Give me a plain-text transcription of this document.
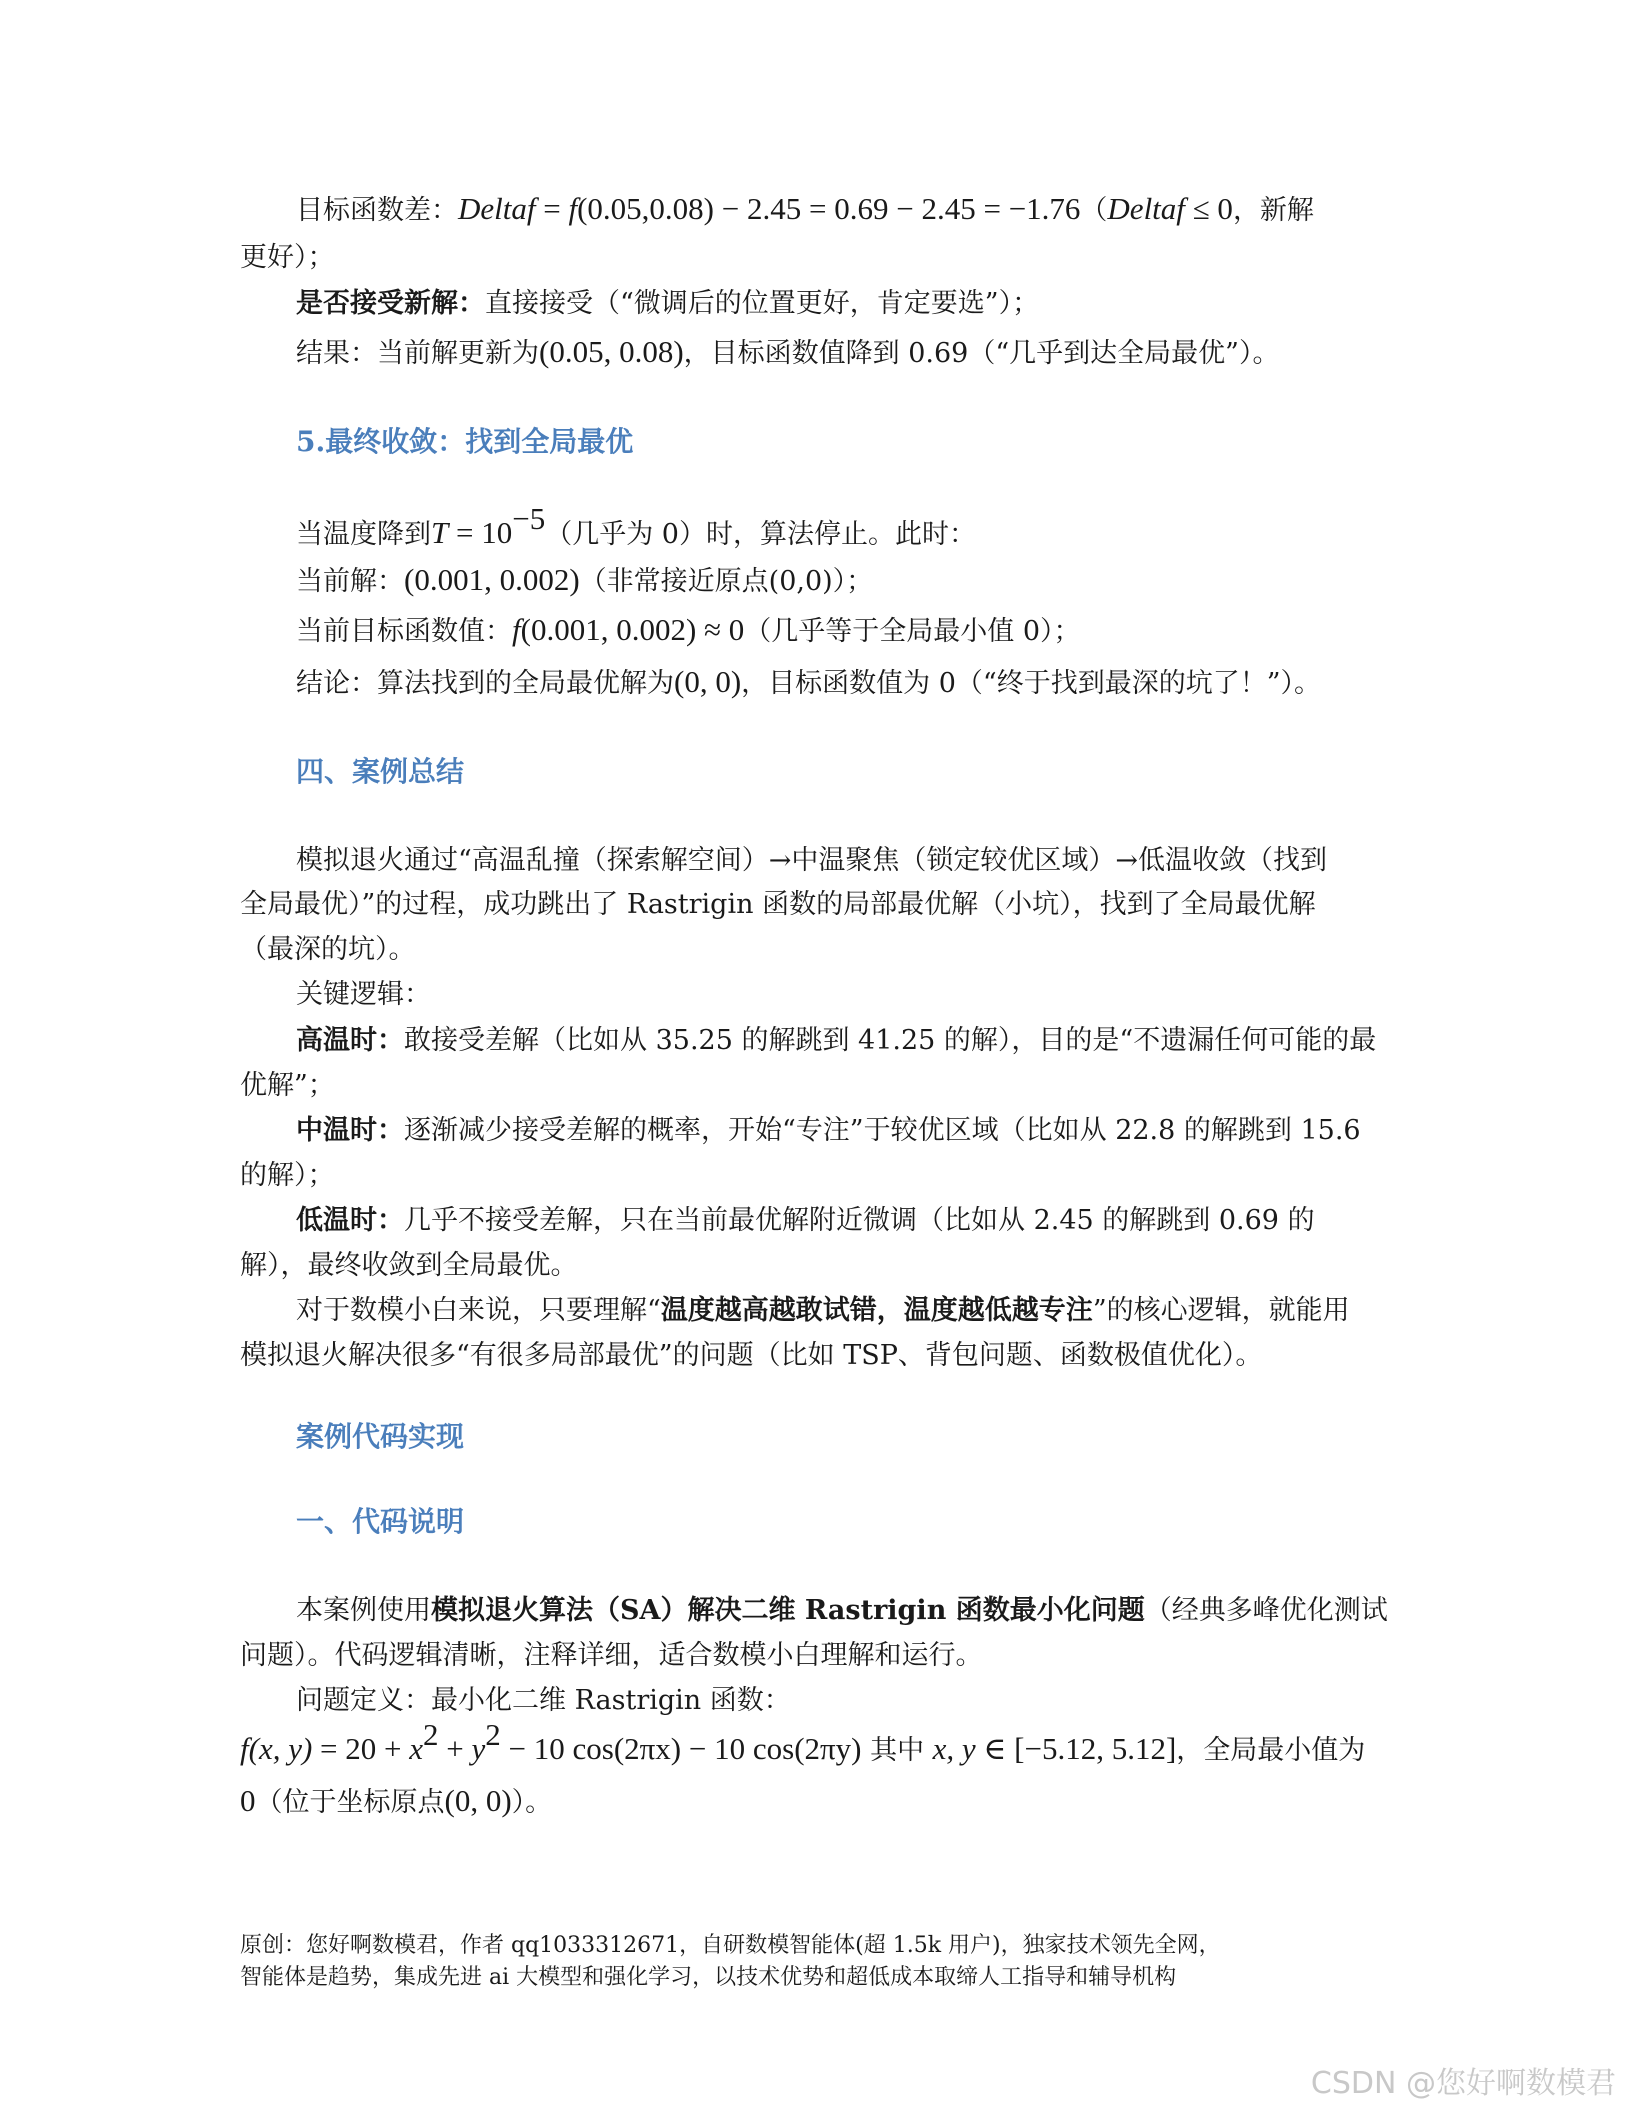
目标函数差：Deltaf = f(0.05,0.08) − 2.45 = 0.69 − 2.45 = −1.76（Deltaf ≤ 0，新解

更好）；

是否接受新解：直接接受（“微调后的位置更好，肯定要选”）；

结果：当前解更新为(0.05, 0.08)，目标函数值降到 0.69（“几乎到达全局最优”）。

5.最终收敛：找到全局最优

当温度降到$T = 10^{-5}$（几乎为 0）时，算法停止。此时：

当前解：(0.001, 0.002)（非常接近原点(0,0)）；

当前目标函数值：f(0.001, 0.002) ≈ 0（几乎等于全局最小值 0）；

结论：算法找到的全局最优解为(0, 0)，目标函数值为 0（“终于找到最深的坑了！”）。

四、案例总结

模拟退火通过“高温乱撞（探索解空间）→中温聚焦（锁定较优区域）→低温收敛（找到

全局最优）”的过程，成功跳出了 Rastrigin 函数的局部最优解（小坑），找到了全局最优解

（最深的坑）。

关键逻辑：

高温时：敢接受差解（比如从 35.25 的解跳到 41.25 的解），目的是“不遗漏任何可能的最

优解”；

中温时：逐渐减少接受差解的概率，开始“专注”于较优区域（比如从 22.8 的解跳到 15.6

的解）；

低温时：几乎不接受差解，只在当前最优解附近微调（比如从 2.45 的解跳到 0.69 的

解），最终收敛到全局最优。

对于数模小白来说，只要理解“温度越高越敢试错，温度越低越专注”的核心逻辑，就能用

模拟退火解决很多“有很多局部最优”的问题（比如 TSP、背包问题、函数极值优化）。

案例代码实现
一、代码说明

本案例使用模拟退火算法（SA）解决二维 Rastrigin 函数最小化问题（经典多峰优化测试

问题）。代码逻辑清晰，注释详细，适合数模小白理解和运行。

问题定义：最小化二维 Rastrigin 函数：

f(x, $y) = 20 + x^2 + y^2 - 10$ cos(2πx) − 10 cos(2πy) 其中 x, y ∈ [−5.12, 5.12]，全局最小值为

0（位于坐标原点(0, 0)）。

原创：您好啊数模君，作者 qq1033312671，自研数模智能体(超 1.5k 用户)，独家技术领先全网，

智能体是趋势，集成先进 ai 大模型和强化学习，以技术优势和超低成本取缔人工指导和辅导机构

CSDN @您好啊数模君
